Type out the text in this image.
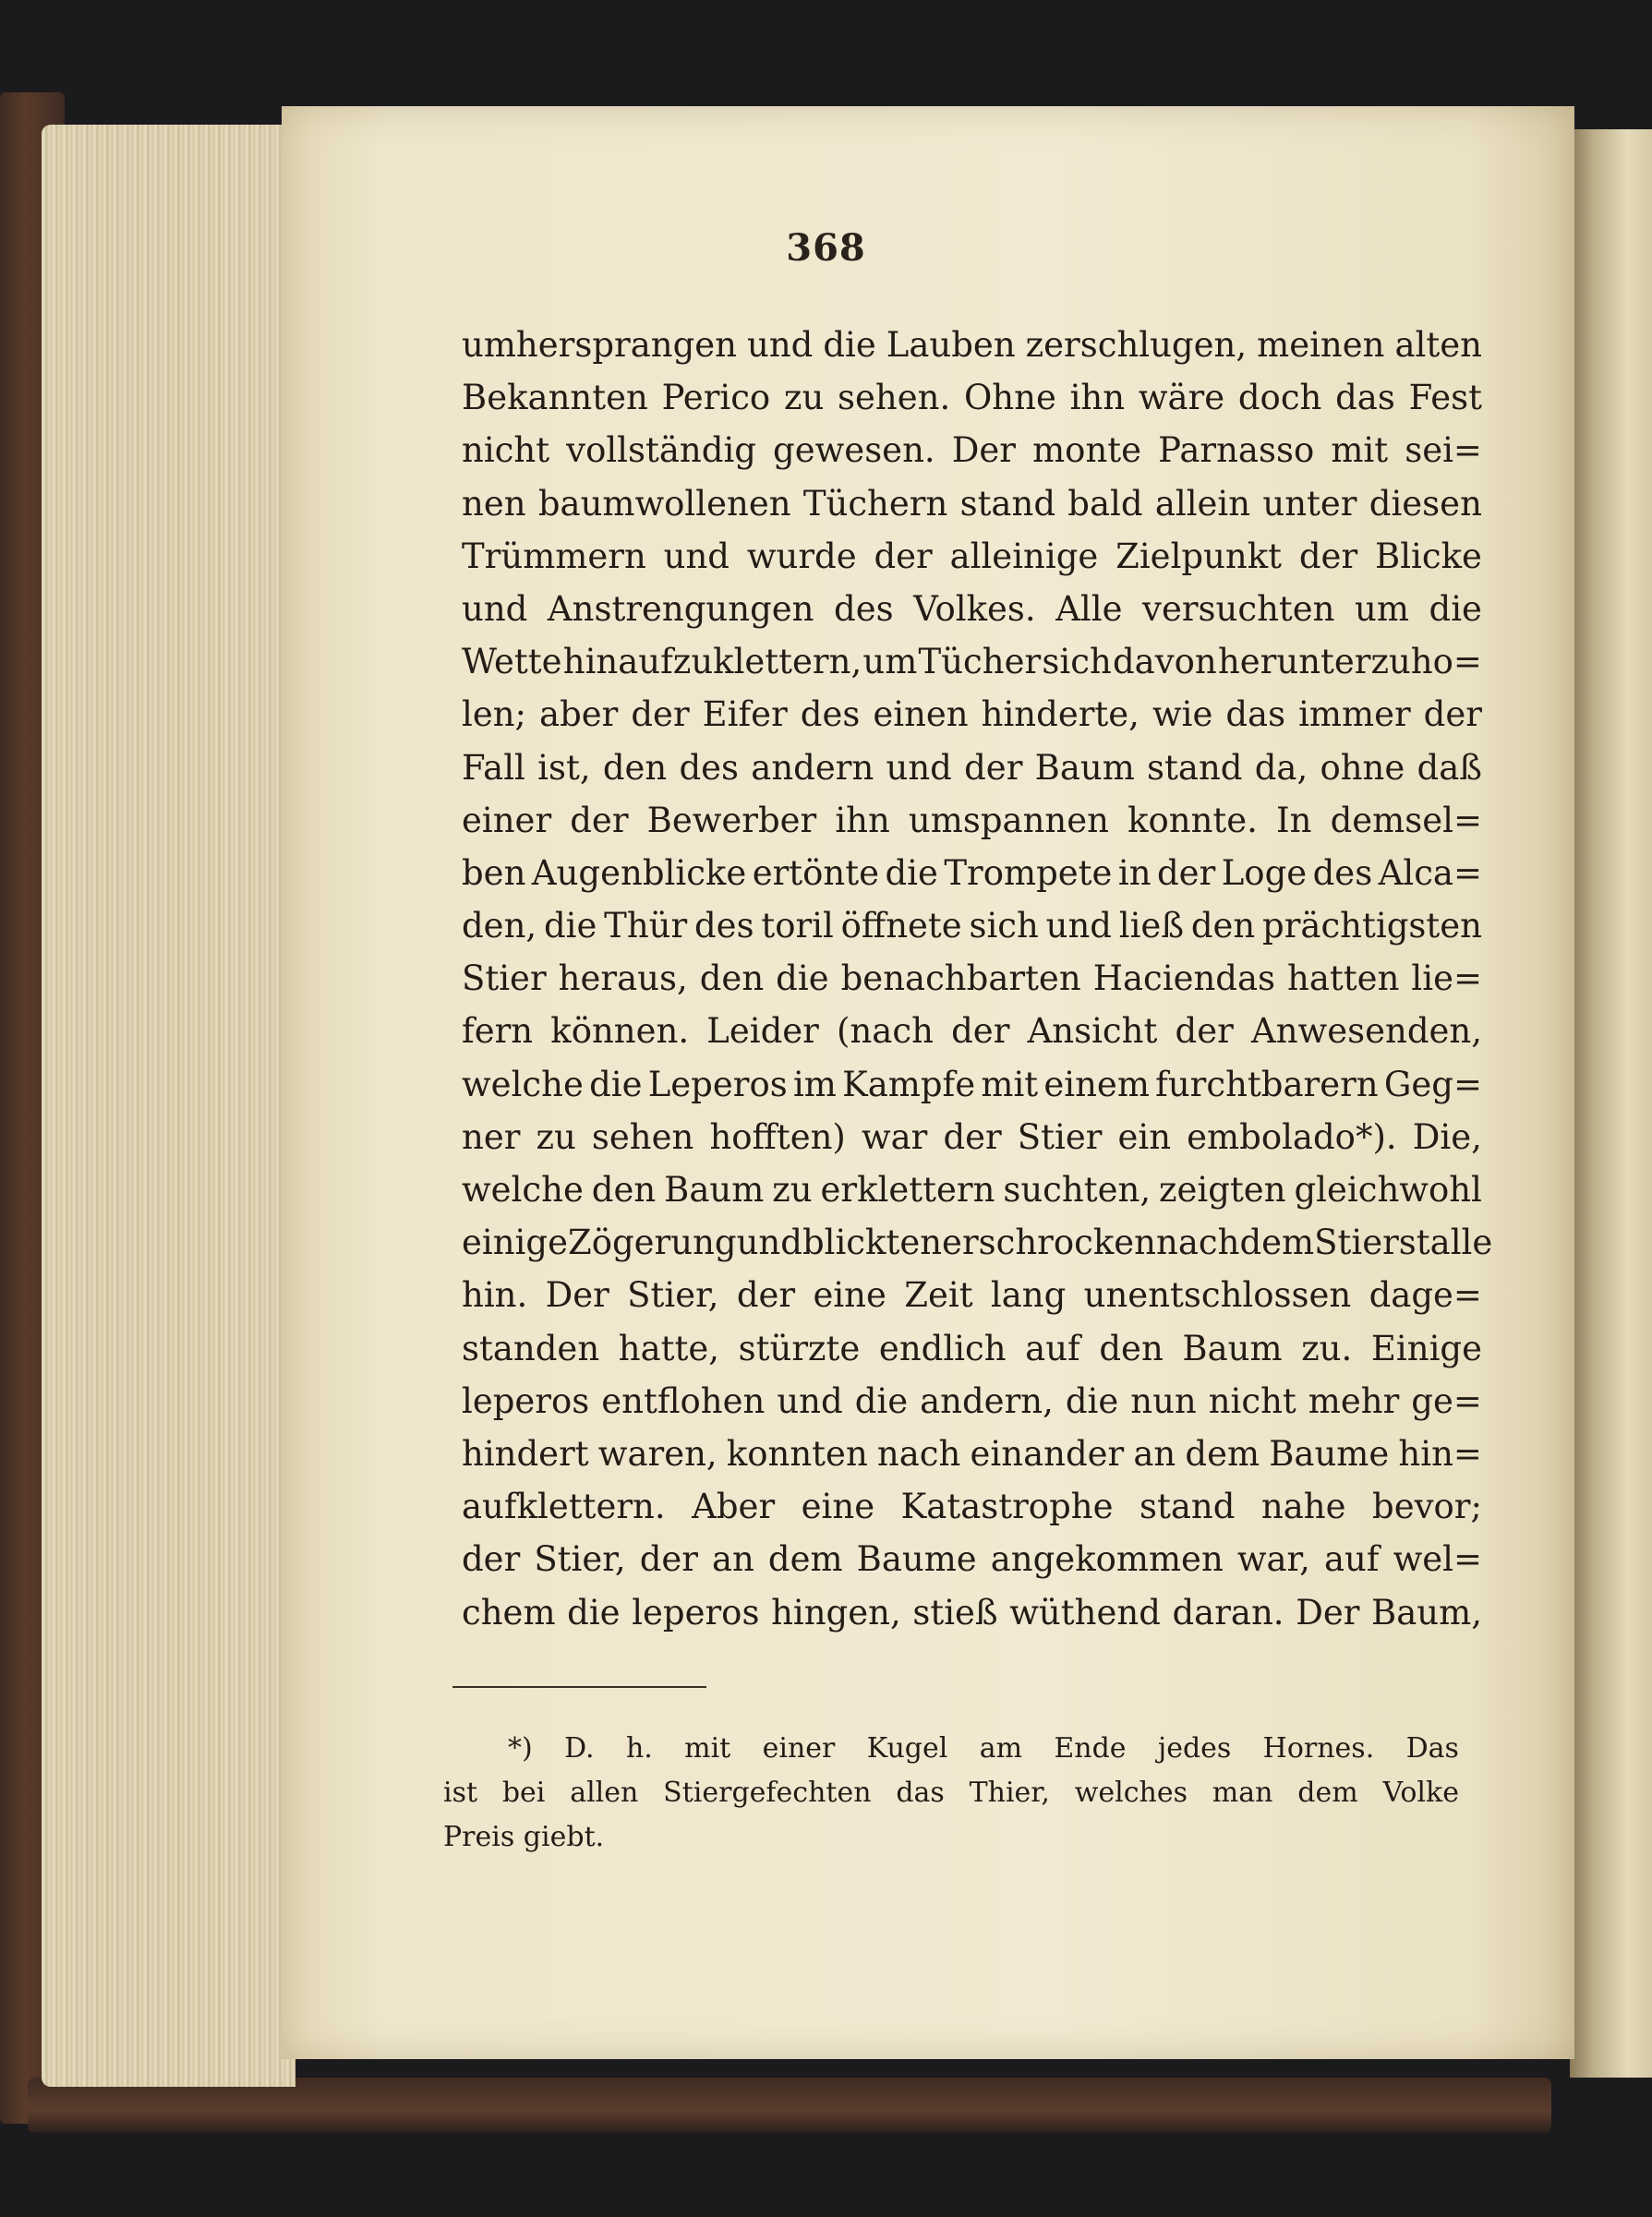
368
umhersprangen und die Lauben zerschlugen, meinen alten
Bekannten Perico zu sehen. Ohne ihn wäre doch das Fest
nicht vollständig gewesen. Der monte Parnasso mit sei=
nen baumwollenen Tüchern stand bald allein unter diesen
Trümmern und wurde der alleinige Zielpunkt der Blicke
und Anstrengungen des Volkes. Alle versuchten um die
Wette hinaufzuklettern, um Tücher sich davon herunterzuho=
len; aber der Eifer des einen hinderte, wie das immer der
Fall ist, den des andern und der Baum stand da, ohne daß
einer der Bewerber ihn umspannen konnte. In demsel=
ben Augenblicke ertönte die Trompete in der Loge des Alca=
den, die Thür des toril öffnete sich und ließ den prächtigsten
Stier heraus, den die benachbarten Haciendas hatten lie=
fern können. Leider (nach der Ansicht der Anwesenden,
welche die Leperos im Kampfe mit einem furchtbarern Geg=
ner zu sehen hofften) war der Stier ein embolado*). Die,
welche den Baum zu erklettern suchten, zeigten gleichwohl
einige Zögerung und blickten erschrocken nach dem Stierstalle
hin. Der Stier, der eine Zeit lang unentschlossen dage=
standen hatte, stürzte endlich auf den Baum zu. Einige
leperos entflohen und die andern, die nun nicht mehr ge=
hindert waren, konnten nach einander an dem Baume hin=
aufklettern. Aber eine Katastrophe stand nahe bevor;
der Stier, der an dem Baume angekommen war, auf wel=
chem die leperos hingen, stieß wüthend daran. Der Baum,
*) D. h. mit einer Kugel am Ende jedes Hornes. Das
ist bei allen Stiergefechten das Thier, welches man dem Volke
Preis giebt.
